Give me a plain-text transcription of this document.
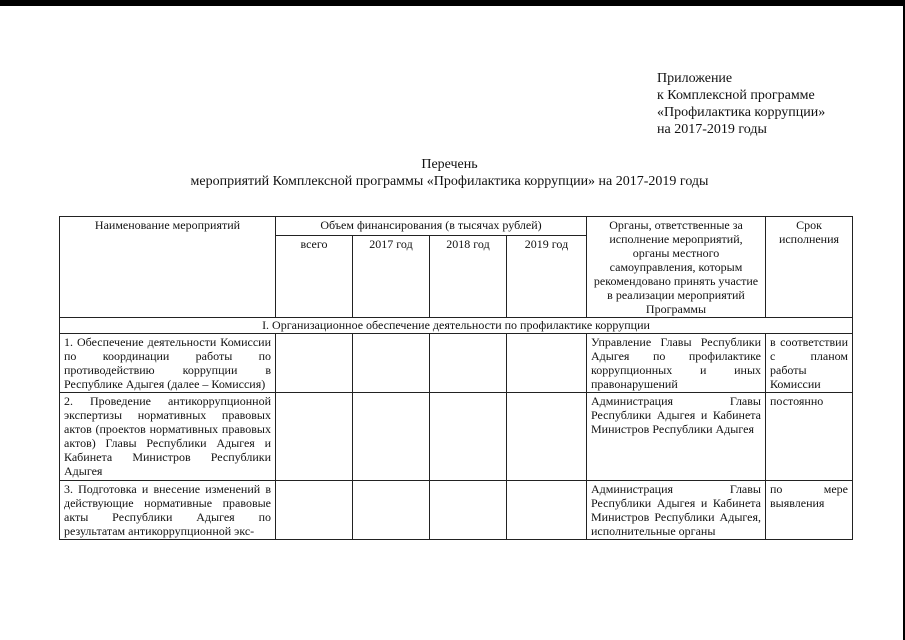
Приложение
к Комплексной программе
«Профилактика коррупции»
на 2017-2019 годы
Перечень
мероприятий Комплексной программы «Профилактика коррупции» на 2017-2019 годы
Наименование мероприятий	Объем финансирования (в тысячах рублей)				Органы, ответственные за исполнение мероприятий, органы местного самоуправления, которым рекомендовано принять участие в реализации мероприятий Программы	Срок исполнения
	всего	2017 год	2018 год	2019 год		
I. Организационное обеспечение деятельности по профилактике коррупции						
1. Обеспечение деятельности Комиссии по координации работы по противодействию коррупции в Республике Адыгея (далее – Комиссия)					Управление Главы Республики Адыгея по профилактике коррупционных и иных правонарушений	в соответствии с планом работы Комиссии
2. Проведение антикоррупционной экспертизы нормативных правовых актов (проектов нормативных правовых актов) Главы Республики Адыгея и Кабинета Министров Республики Адыгея					Администрация Главы Республики Адыгея и Кабинета Министров Республики Адыгея	постоянно
3. Подготовка и внесение изменений в действующие нормативные правовые акты Республики Адыгея по результатам антикоррупционной экс-					Администрация Главы Республики Адыгея и Кабинета Министров Республики Адыгея, исполнительные органы	по мере выявления
